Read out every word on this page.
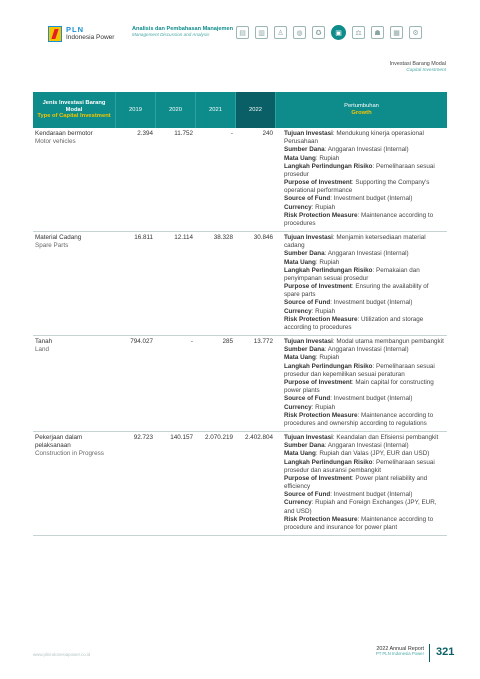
PLN
Indonesia Power
Analisis dan Pembahasan Manajemen
Management Discussion and Analysis	▤	▥	♙	◍	✪	▣	⚖	☗	▦	⚙
Investasi Barang Modal
Capital Investment
Jenis Investasi Barang Modal
Type of Capital Investment
2019	2020	2021	2022
Pertumbuhan
Growth
Kendaraan bermotor
Motor vehicles
2.394	11.752	-	240	Tujuan Investasi: Mendukung kinerja operasional Perusahaan

Sumber Dana: Anggaran Investasi (Internal)

Mata Uang: Rupiah

Langkah Perlindungan Risiko: Pemeliharaan sesuai prosedur

Purpose of Investment: Supporting the Company's operational performance

Source of Fund: Investment budget (Internal)

Currency: Rupiah

Risk Protection Measure: Maintenance according to procedures

Material Cadang
Spare Parts
16.811	12.114	38.328	30.846	Tujuan Investasi: Menjamin ketersediaan material cadang

Sumber Dana: Anggaran Investasi (Internal)

Mata Uang: Rupiah

Langkah Perlindungan Risiko: Pemakaian dan penyimpanan sesuai prosedur

Purpose of Investment: Ensuring the availability of spare parts

Source of Fund: Investment budget (Internal)

Currency: Rupiah

Risk Protection Measure: Utilization and storage according to procedures

Tanah
Land
794.027	-	285	13.772	Tujuan Investasi: Modal utama membangun pembangkit

Sumber Dana: Anggaran Investasi (Internal)

Mata Uang: Rupiah

Langkah Perlindungan Risiko: Pemeliharaan sesuai prosedur dan kepemilikan sesuai peraturan

Purpose of Investment: Main capital for constructing power plants

Source of Fund: Investment budget (Internal)

Currency: Rupiah

Risk Protection Measure: Maintenance according to procedures and ownership according to regulations

Pekerjaan dalam pelaksanaan
Construction in Progress
92.723	140.157	2.070.219	2.402.804	Tujuan Investasi: Keandalan dan Efisiensi pembangkit

Sumber Dana: Anggaran Investasi (Internal)

Mata Uang: Rupiah dan Valas (JPY, EUR dan USD)

Langkah Perlindungan Risiko: Pemeliharaan sesuai prosedur dan asuransi pembangkit

Purpose of Investment: Power plant reliability and efficiency

Source of Fund: Investment budget (Internal)

Currency: Rupiah and Foreign Exchanges (JPY, EUR, and USD)

Risk Protection Measure: Maintenance according to procedure and insurance for power plant

www.plnindonesiapower.co.id
2022 Annual Report
PT PLN Indonesia Power 321
